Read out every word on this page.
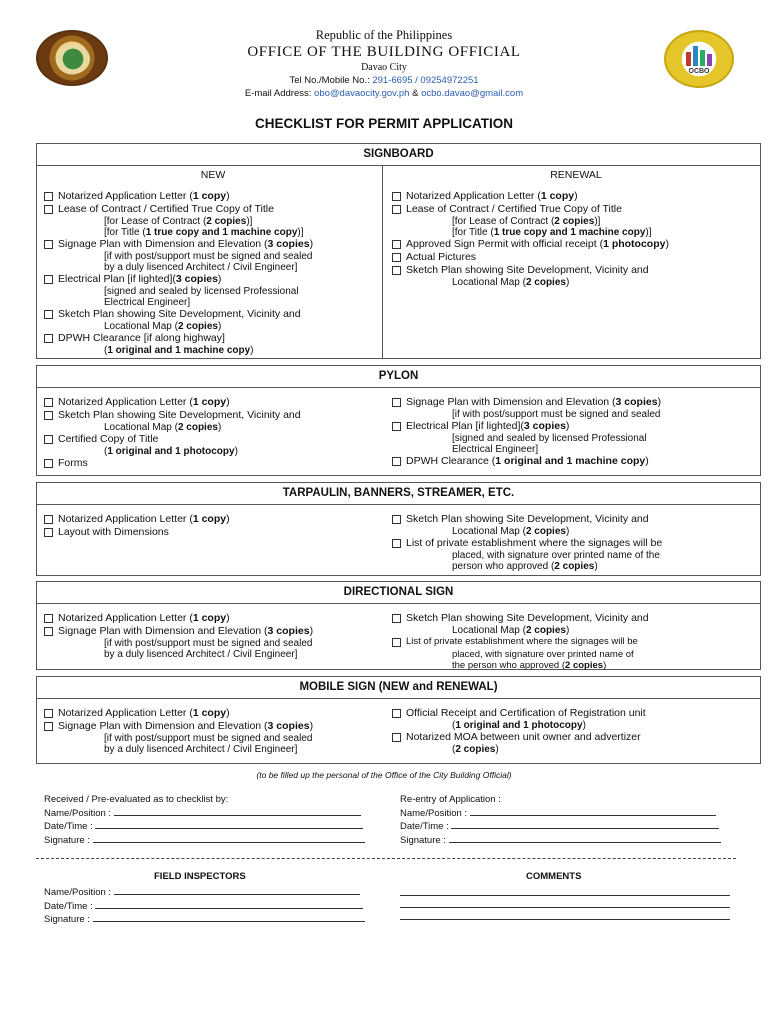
OCBO
Republic of the Philippines
OFFICE OF THE BUILDING OFFICIAL
Davao City
Tel No./Mobile No.: 291-6695 / 09254972251
E-mail Address: obo@davaocity.gov.ph & ocbo.davao@gmail.com
CHECKLIST FOR PERMIT APPLICATION
SIGNBOARD
NEW
Notarized Application Letter (1 copy)
Lease of Contract / Certified True Copy of Title
[for Lease of Contract (2 copies)]
[for Title (1 true copy and 1 machine copy)]
Signage Plan with Dimension and Elevation (3 copies)
[if with post/support must be signed and sealed
by a duly lisenced Architect / Civil Engineer]
Electrical Plan [if lighted](3 copies)
[signed and sealed by licensed Professional
Electrical Engineer]
Sketch Plan showing Site Development, Vicinity and
Locational Map (2 copies)
DPWH Clearance [if along highway]
(1 original and 1 machine copy)
RENEWAL
Notarized Application Letter (1 copy)
Lease of Contract / Certified True Copy of Title
[for Lease of Contract (2 copies)]
[for Title (1 true copy and 1 machine copy)]
Approved Sign Permit with official receipt (1 photocopy)
Actual Pictures
Sketch Plan showing Site Development, Vicinity and
Locational Map (2 copies)
PYLON
Notarized Application Letter (1 copy)
Sketch Plan showing Site Development, Vicinity and
Locational Map (2 copies)
Certified Copy of Title
(1 original and 1 photocopy)
Forms
Signage Plan with Dimension and Elevation (3 copies)
[if with post/support must be signed and sealed
Electrical Plan [if lighted](3 copies)
[signed and sealed by licensed Professional
Electrical Engineer]
DPWH Clearance (1 original and 1 machine copy)
TARPAULIN, BANNERS, STREAMER, ETC.
Notarized Application Letter (1 copy)
Layout with Dimensions
Sketch Plan showing Site Development, Vicinity and
Locational Map (2 copies)
List of private establishment where the signages will be
placed, with signature over printed name of the
person who approved (2 copies)
DIRECTIONAL SIGN
Notarized Application Letter (1 copy)
Signage Plan with Dimension and Elevation (3 copies)
[if with post/support must be signed and sealed
by a duly lisenced Architect / Civil Engineer]
Sketch Plan showing Site Development, Vicinity and
Locational Map (2 copies)
List of private establishment where the signages will be
placed, with signature over printed name of
the person who approved (2 copies)
MOBILE SIGN (NEW and RENEWAL)
Notarized Application Letter (1 copy)
Signage Plan with Dimension and Elevation (3 copies)
[if with post/support must be signed and sealed
by a duly lisenced Architect / Civil Engineer]
Official Receipt and Certification of Registration unit
(1 original and 1 photocopy)
Notarized MOA between unit owner and advertizer
(2 copies)
(to be filled up the personal of the Office of the City Building Official)
Received / Pre-evaluated as to checklist by:
Name/Position :
Date/Time :
Signature :
Re-entry of Application :
Name/Position :
Date/Time :
Signature :
FIELD INSPECTORS	COMMENTS
Name/Position :
Date/Time :
Signature :
